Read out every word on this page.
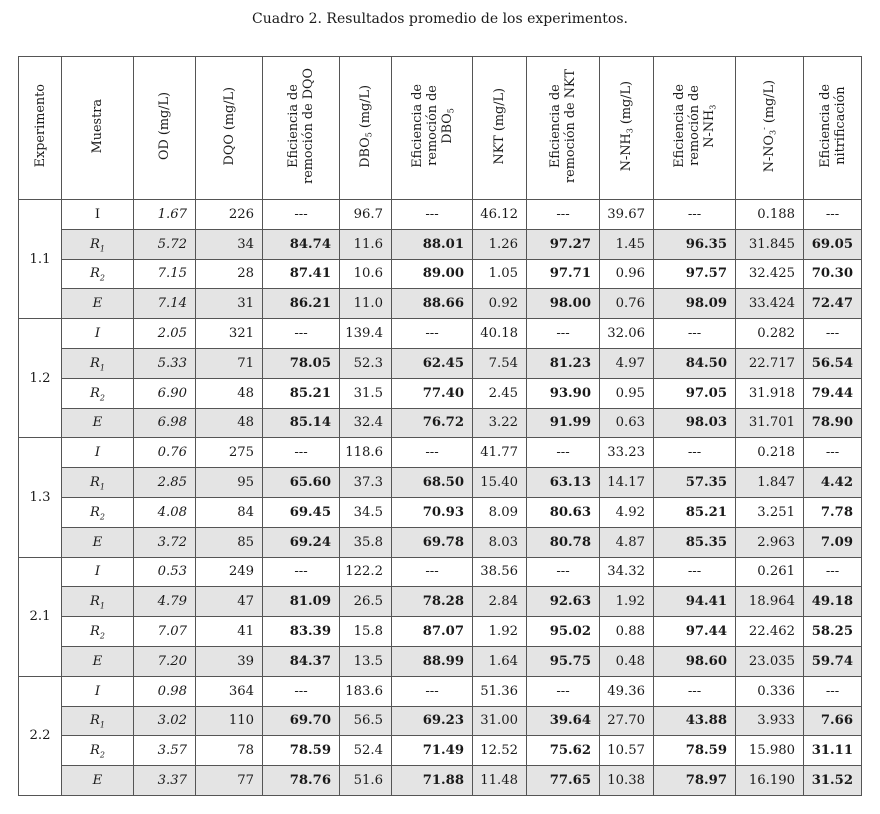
Cuadro 2. Resultados promedio de los experimentos.
Experimento	Muestra	OD (mg/L)	DQO (mg/L)	Eficiencia de
remoción de DQO	$DBO_5$ (mg/L)	Eficiencia de
remoción de
$DBO_5$	NKT (mg/L)	Eficiencia de
remoción de NKT	$N-NH_3$ (mg/L)	Eficiencia de
remoción de
$N-NH_3$	$N-NO_3^-$ (mg/L)	Eficiencia de
nitrificación
1.1	I	1.67	226	---	96.7	---	46.12	---	39.67	---	0.188	---
	$R_1$	5.72	34	84.74	11.6	88.01	1.26	97.27	1.45	96.35	31.845	69.05
	$R_2$	7.15	28	87.41	10.6	89.00	1.05	97.71	0.96	97.57	32.425	70.30
	E	7.14	31	86.21	11.0	88.66	0.92	98.00	0.76	98.09	33.424	72.47
1.2	I	2.05	321	---	139.4	---	40.18	---	32.06	---	0.282	---
	$R_1$	5.33	71	78.05	52.3	62.45	7.54	81.23	4.97	84.50	22.717	56.54
	$R_2$	6.90	48	85.21	31.5	77.40	2.45	93.90	0.95	97.05	31.918	79.44
	E	6.98	48	85.14	32.4	76.72	3.22	91.99	0.63	98.03	31.701	78.90
1.3	I	0.76	275	---	118.6	---	41.77	---	33.23	---	0.218	---
	$R_1$	2.85	95	65.60	37.3	68.50	15.40	63.13	14.17	57.35	1.847	4.42
	$R_2$	4.08	84	69.45	34.5	70.93	8.09	80.63	4.92	85.21	3.251	7.78
	E	3.72	85	69.24	35.8	69.78	8.03	80.78	4.87	85.35	2.963	7.09
2.1	I	0.53	249	---	122.2	---	38.56	---	34.32	---	0.261	---
	$R_1$	4.79	47	81.09	26.5	78.28	2.84	92.63	1.92	94.41	18.964	49.18
	$R_2$	7.07	41	83.39	15.8	87.07	1.92	95.02	0.88	97.44	22.462	58.25
	E	7.20	39	84.37	13.5	88.99	1.64	95.75	0.48	98.60	23.035	59.74
2.2	I	0.98	364	---	183.6	---	51.36	---	49.36	---	0.336	---
	$R_1$	3.02	110	69.70	56.5	69.23	31.00	39.64	27.70	43.88	3.933	7.66
	$R_2$	3.57	78	78.59	52.4	71.49	12.52	75.62	10.57	78.59	15.980	31.11
	E	3.37	77	78.76	51.6	71.88	11.48	77.65	10.38	78.97	16.190	31.52
